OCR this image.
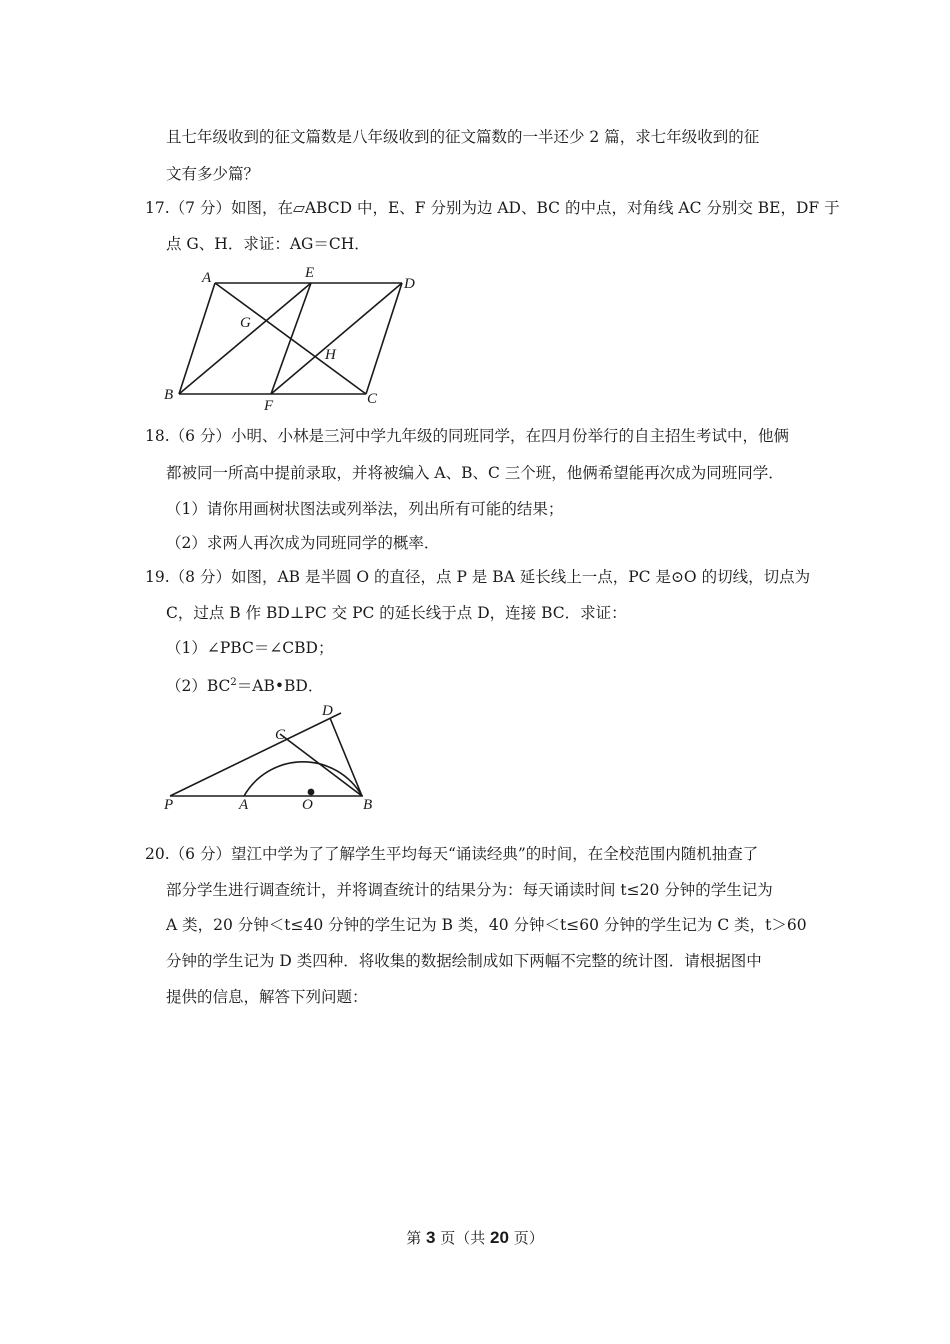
且七年级收到的征文篇数是八年级收到的征文篇数的一半还少 2 篇，求七年级收到的征
文有多少篇？
17.（7 分）如图，在▱ABCD 中，E、F 分别为边 AD、BC 的中点，对角线 AC 分别交 BE，DF 于
点 G、H．求证：AG＝CH．
A	E
D
G
H
B
F	C
18.（6 分）小明、小林是三河中学九年级的同班同学，在四月份举行的自主招生考试中，他俩
都被同一所高中提前录取，并将被编入 A、B、C 三个班，他俩希望能再次成为同班同学．
（1）请你用画树状图法或列举法，列出所有可能的结果；
（2）求两人再次成为同班同学的概率．
19.（8 分）如图，AB 是半圆 O 的直径，点 P 是 BA 延长线上一点，PC 是⊙O 的切线，切点为
C，过点 B 作 BD⊥PC 交 PC 的延长线于点 D，连接 BC．求证：
（1）∠PBC＝∠CBD；
$(2)BC^2=AB•BD$．
D
C
P	A	O	B
20.（6 分）望江中学为了了解学生平均每天“诵读经典”的时间，在全校范围内随机抽查了
部分学生进行调查统计，并将调查统计的结果分为：每天诵读时间 t≤20 分钟的学生记为
A 类，20 分钟＜t≤40 分钟的学生记为 B 类，40 分钟＜t≤60 分钟的学生记为 C 类，t＞60
分钟的学生记为 D 类四种．将收集的数据绘制成如下两幅不完整的统计图．请根据图中
提供的信息，解答下列问题：
第 3 页（共 20 页）
